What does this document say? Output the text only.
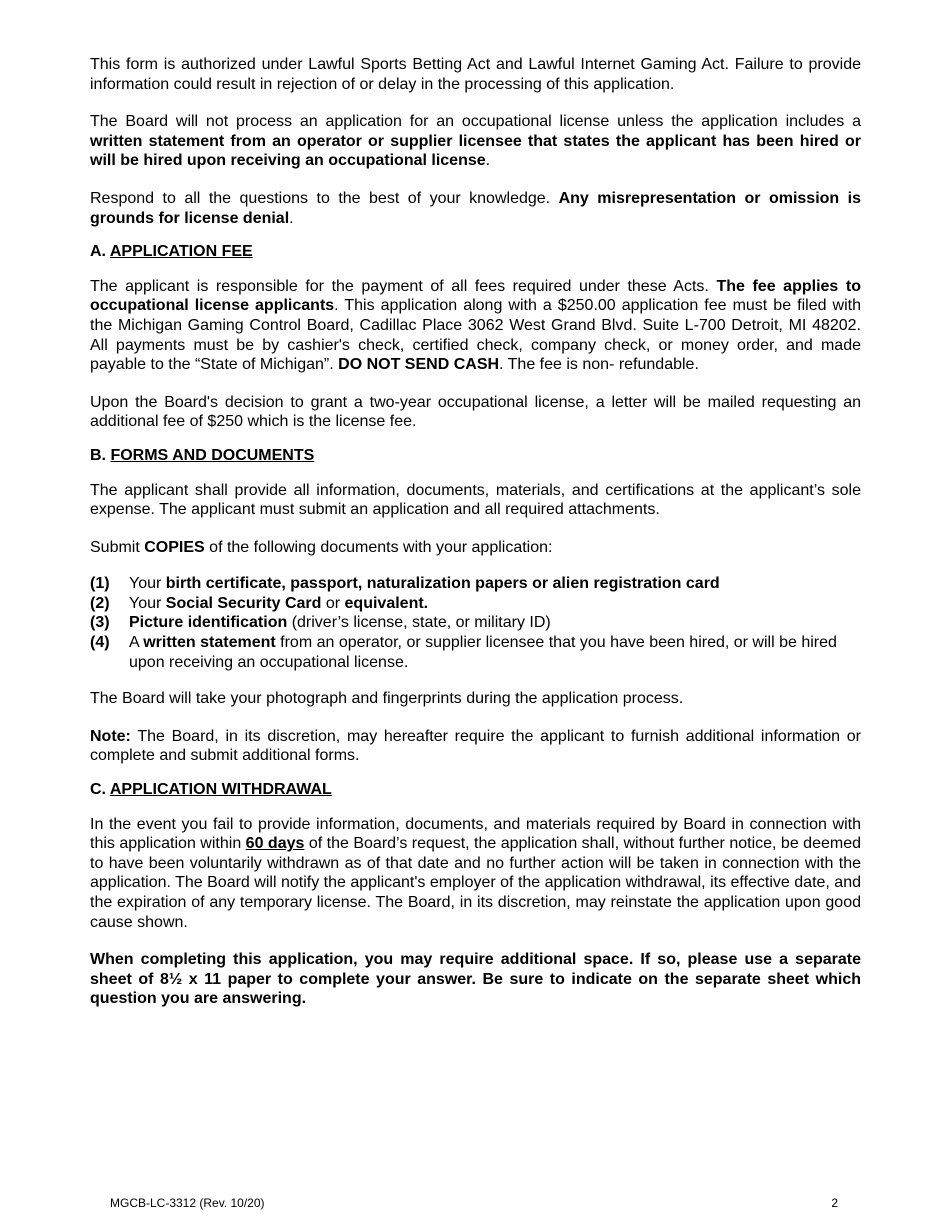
This form is authorized under Lawful Sports Betting Act and Lawful Internet Gaming Act. Failure to provide information could result in rejection of or delay in the processing of this application.

The Board will not process an application for an occupational license unless the application includes a written statement from an operator or supplier licensee that states the applicant has been hired or will be hired upon receiving an occupational license.

Respond to all the questions to the best of your knowledge. Any misrepresentation or omission is grounds for license denial.

A. APPLICATION FEE

The applicant is responsible for the payment of all fees required under these Acts. The fee applies to occupational license applicants. This application along with a $250.00 application fee must be filed with the Michigan Gaming Control Board, Cadillac Place 3062 West Grand Blvd. Suite L-700 Detroit, MI 48202. All payments must be by cashier's check, certified check, company check, or money order, and made payable to the “State of Michigan”. DO NOT SEND CASH. The fee is non- refundable.

Upon the Board's decision to grant a two-year occupational license, a letter will be mailed requesting an additional fee of $250 which is the license fee.

B. FORMS AND DOCUMENTS

The applicant shall provide all information, documents, materials, and certifications at the applicant’s sole expense. The applicant must submit an application and all required attachments.

Submit COPIES of the following documents with your application:

(1) Your birth certificate, passport, naturalization papers or alien registration card
(2) Your Social Security Card or equivalent.
(3) Picture identification (driver’s license, state, or military ID)
(4) A written statement from an operator, or supplier licensee that you have been hired, or will be hired upon receiving an occupational license.

The Board will take your photograph and fingerprints during the application process.

Note: The Board, in its discretion, may hereafter require the applicant to furnish additional information or complete and submit additional forms.

C. APPLICATION WITHDRAWAL

In the event you fail to provide information, documents, and materials required by Board in connection with this application within 60 days of the Board’s request, the application shall, without further notice, be deemed to have been voluntarily withdrawn as of that date and no further action will be taken in connection with the application. The Board will notify the applicant's employer of the application withdrawal, its effective date, and the expiration of any temporary license. The Board, in its discretion, may reinstate the application upon good cause shown.

When completing this application, you may require additional space. If so, please use a separate sheet of 8½ x 11 paper to complete your answer. Be sure to indicate on the separate sheet which question you are answering.

MGCB-LC-3312 (Rev. 10/20)	2
